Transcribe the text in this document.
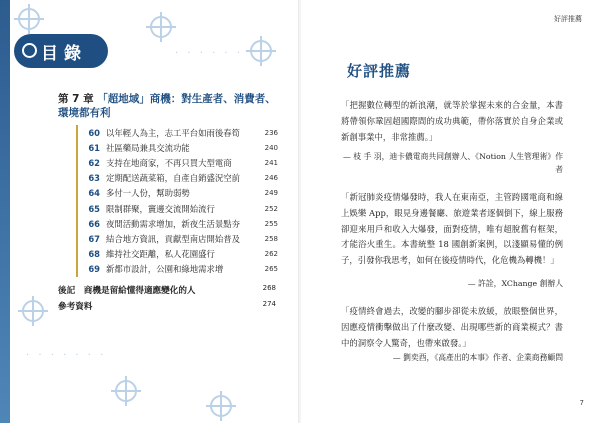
· · · · · ·
· · · · · · ·
目 錄
第 7 章 「超地域」商機：對生產者、消費者、環境都有利
60 以年輕人為主，志工平台如雨後春筍	236
61 社區藥局兼具交流功能	240
62 支持在地商家，不再只買大型電商	241
63 定期配送蔬菜箱，自產自銷盛況空前	246
64 多付一人份，幫助弱勢	249
65 限制群聚，竇邊交流開始流行	252
66 夜間活動需求增加，新夜生活景點夯	255
67 結合地方資訊，貢獻型南店開始普及	258
68 維持社交距離，私人花園盛行	262
69 新都市設計，公園和綠地需求增	265
後記　商機是留給懂得適應變化的人	268
參考資料	274
好評推薦
好評推薦
「把握數位轉型的新浪潮，就等於掌握未來的合金量，本書將帶領你鞏固超國際間的成功典範，帶你落實於自身企業或新創事業中，非常推薦。」
— 枝 手 羽，迪卡儂電商共同創辦人、《Notion 人生管理術》作者
「新冠肺炎疫情爆發時，我人在東南亞，主管跨國電商和線上娛樂 App，眼見身邊餐廳、旅遊業者逐個倒下，線上服務卻迎來用戶和收入大爆發，面對疫情，唯有超脫舊有框架，才能浴火重生。本書統整 18 國創新案例，以淺顯易懂的例子，引發你我思考，如何在後疫情時代，化危機為轉機！」
— 許詮，XChange 創辦人
「疫情終會過去，改變的腳步卻從未放緩，放眼整個世界，因應疫情衝擊做出了什麼改變、出現哪些新的商業模式？書中的洞察令人驚奇，也帶來啟發。」
— 劉奕酉，《高產出的本事》作者、企業商務顧問
7
